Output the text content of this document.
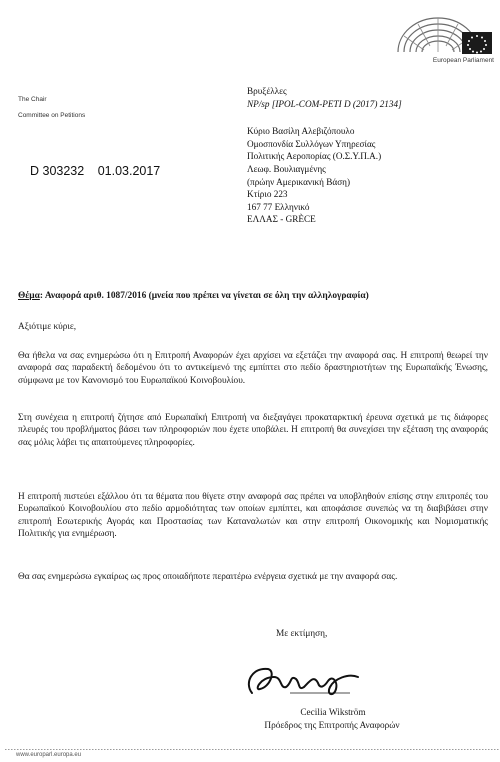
European Parliament
The Chair
Committee on Petitions
D 303232 01.03.2017
Βρυξέλλες
NP/sp [IPOL-COM-PETI D (2017) 2134]
Κύριο Βασίλη Αλεβιζόπουλο
Ομοσπονδία Συλλόγων Υπηρεσίας
Πολιτικής Αεροπορίας (Ο.Σ.Υ.Π.Α.)
Λεωφ. Βουλιαγμένης
(πρώην Αμερικανική Βάση)
Κτίριο 223
167 77 Ελληνικό
ΕΛΛΑΣ - GRÈCE
Θέμα: Αναφορά αριθ. 1087/2016 (μνεία που πρέπει να γίνεται σε όλη την αλληλογραφία)
Αξιότιμε κύριε,
Θα ήθελα να σας ενημερώσω ότι η Επιτροπή Αναφορών έχει αρχίσει να εξετάζει την αναφορά σας. Η επιτροπή θεωρεί την αναφορά σας παραδεκτή δεδομένου ότι το αντικείμενό της εμπίπτει στο πεδίο δραστηριοτήτων της Ευρωπαϊκής Ένωσης, σύμφωνα με τον Κανονισμό του Ευρωπαϊκού Κοινοβουλίου.
Στη συνέχεια η επιτροπή ζήτησε από Ευρωπαϊκή Επιτροπή να διεξαγάγει προκαταρκτική έρευνα σχετικά με τις διάφορες πλευρές του προβλήματος βάσει των πληροφοριών που έχετε υποβάλει. Η επιτροπή θα συνεχίσει την εξέταση της αναφοράς σας μόλις λάβει τις απαιτούμενες πληροφορίες.
Η επιτροπή πιστεύει εξάλλου ότι τα θέματα που θίγετε στην αναφορά σας πρέπει να υποβληθούν επίσης στην επιτροπές του Ευρωπαϊκού Κοινοβουλίου στο πεδίο αρμοδιότητας των οποίων εμπίπτει, και αποφάσισε συνεπώς να τη διαβιβάσει στην επιτροπή Εσωτερικής Αγοράς και Προστασίας των Καταναλωτών και στην επιτροπή Οικονομικής και Νομισματικής Πολιτικής για ενημέρωση.
Θα σας ενημερώσω εγκαίρως ως προς οποιαδήποτε περαιτέρω ενέργεια σχετικά με την αναφορά σας.
Με εκτίμηση,
Cecilia Wikström
Πρόεδρος της Επιτροπής Αναφορών
www.europarl.europa.eu
